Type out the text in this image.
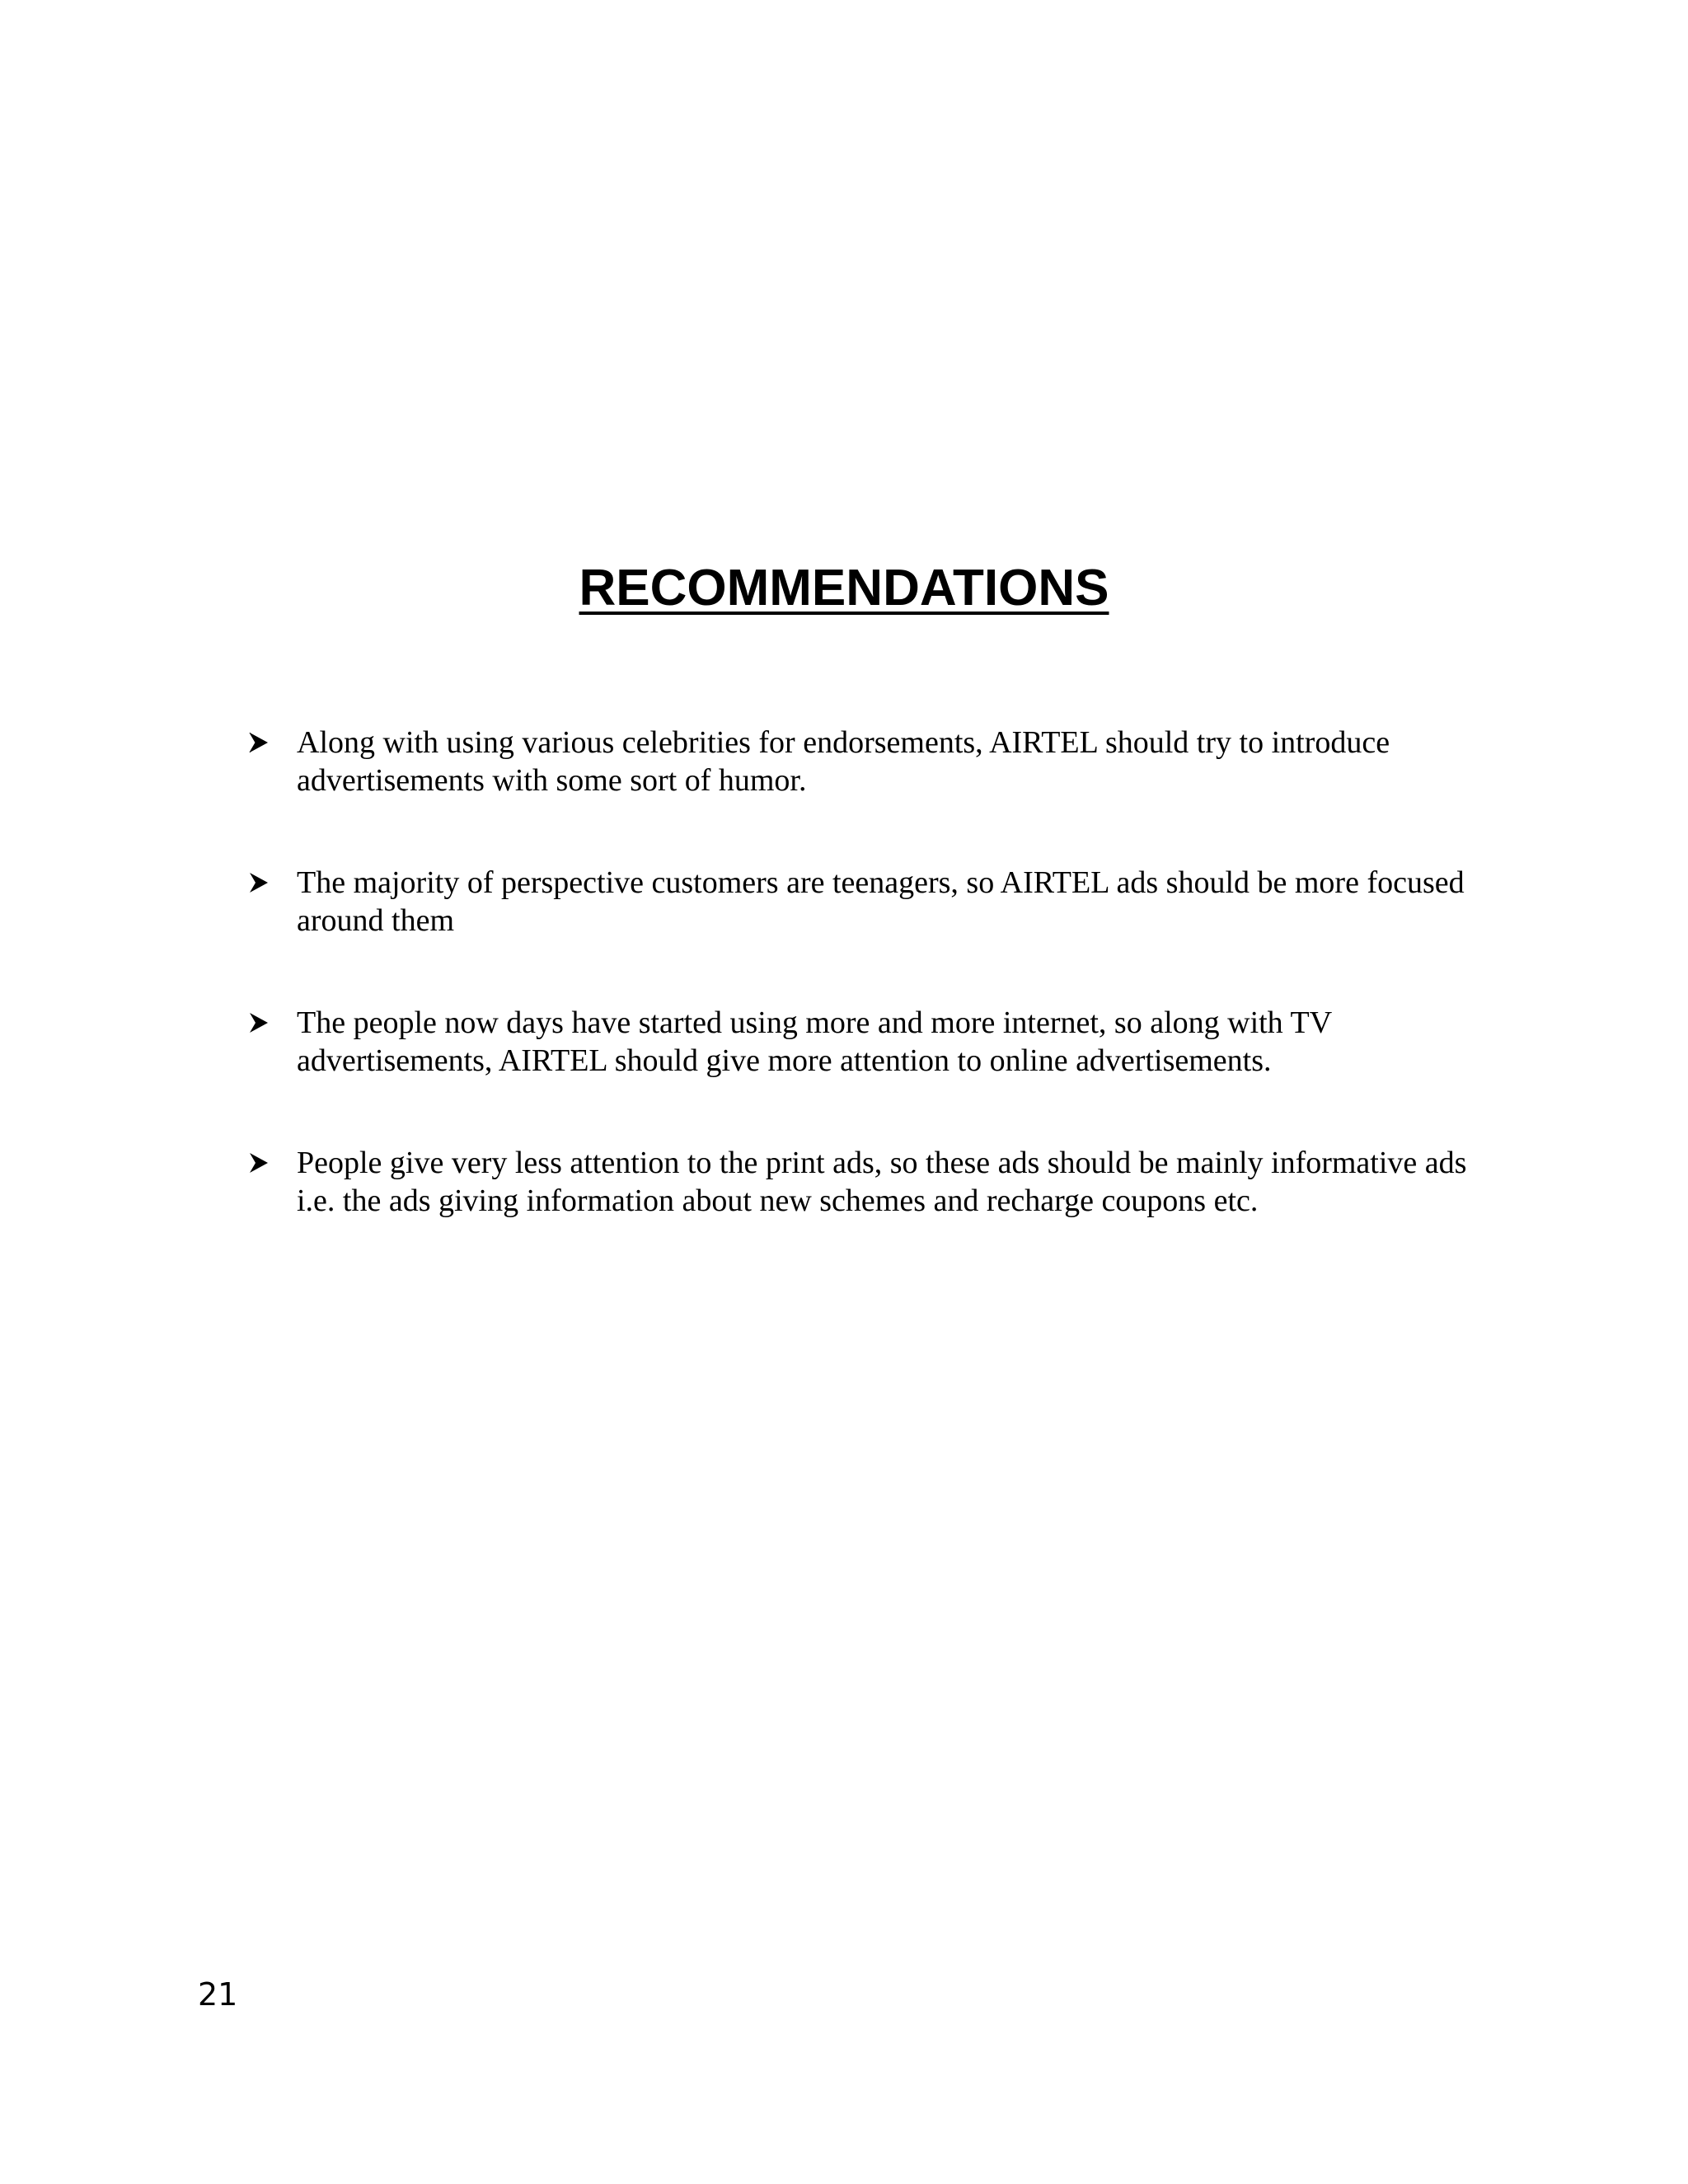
RECOMMENDATIONS
Along with using various celebrities for endorsements, AIRTEL should try to introduce advertisements with some sort of humor.
The majority of perspective customers are teenagers, so AIRTEL ads should be more focused around them
The people now days have started using more and more internet, so along with TV advertisements, AIRTEL should give more attention to online advertisements.
People give very less attention to the print ads, so these ads should be mainly informative ads i.e. the ads giving information about new schemes and recharge coupons etc.
21
